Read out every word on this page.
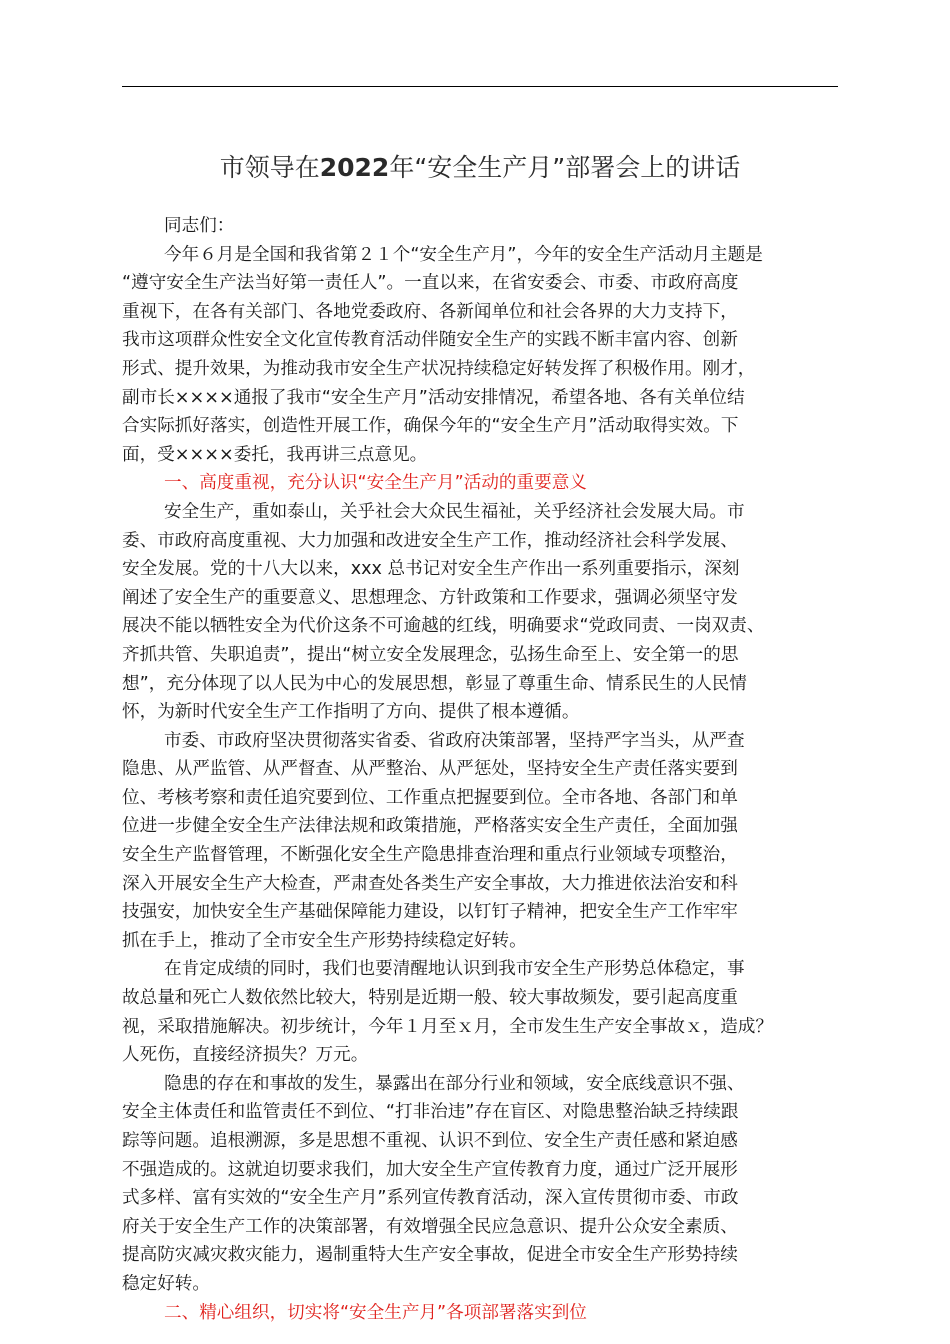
市领导在2022年“安全生产月”部署会上的讲话
同志们：
今年６月是全国和我省第２１个“安全生产月”，今年的安全生产活动月主题是
“遵守安全生产法当好第一责任人”。一直以来，在省安委会、市委、市政府高度
重视下，在各有关部门、各地党委政府、各新闻单位和社会各界的大力支持下，
我市这项群众性安全文化宣传教育活动伴随安全生产的实践不断丰富内容、创新
形式、提升效果，为推动我市安全生产状况持续稳定好转发挥了积极作用。刚才，
副市长××××通报了我市“安全生产月”活动安排情况，希望各地、各有关单位结
合实际抓好落实，创造性开展工作，确保今年的“安全生产月”活动取得实效。下
面，受××××委托，我再讲三点意见。
一、高度重视，充分认识“安全生产月”活动的重要意义
安全生产，重如泰山，关乎社会大众民生福祉，关乎经济社会发展大局。市
委、市政府高度重视、大力加强和改进安全生产工作，推动经济社会科学发展、
安全发展。党的十八大以来，xxx 总书记对安全生产作出一系列重要指示，深刻
阐述了安全生产的重要意义、思想理念、方针政策和工作要求，强调必须坚守发
展决不能以牺牲安全为代价这条不可逾越的红线，明确要求“党政同责、一岗双责、
齐抓共管、失职追责”，提出“树立安全发展理念，弘扬生命至上、安全第一的思
想”，充分体现了以人民为中心的发展思想，彰显了尊重生命、情系民生的人民情
怀，为新时代安全生产工作指明了方向、提供了根本遵循。
市委、市政府坚决贯彻落实省委、省政府决策部署，坚持严字当头，从严查
隐患、从严监管、从严督查、从严整治、从严惩处，坚持安全生产责任落实要到
位、考核考察和责任追究要到位、工作重点把握要到位。全市各地、各部门和单
位进一步健全安全生产法律法规和政策措施，严格落实安全生产责任，全面加强
安全生产监督管理，不断强化安全生产隐患排查治理和重点行业领域专项整治，
深入开展安全生产大检查，严肃查处各类生产安全事故，大力推进依法治安和科
技强安，加快安全生产基础保障能力建设，以钉钉子精神，把安全生产工作牢牢
抓在手上，推动了全市安全生产形势持续稳定好转。
在肯定成绩的同时，我们也要清醒地认识到我市安全生产形势总体稳定，事
故总量和死亡人数依然比较大，特别是近期一般、较大事故频发，要引起高度重
视，采取措施解决。初步统计，今年１月至ｘ月，全市发生生产安全事故ｘ，造成？
人死伤，直接经济损失？万元。
隐患的存在和事故的发生，暴露出在部分行业和领域，安全底线意识不强、
安全主体责任和监管责任不到位、“打非治违”存在盲区、对隐患整治缺乏持续跟
踪等问题。追根溯源，多是思想不重视、认识不到位、安全生产责任感和紧迫感
不强造成的。这就迫切要求我们，加大安全生产宣传教育力度，通过广泛开展形
式多样、富有实效的“安全生产月”系列宣传教育活动，深入宣传贯彻市委、市政
府关于安全生产工作的决策部署，有效增强全民应急意识、提升公众安全素质、
提高防灾减灾救灾能力，遏制重特大生产安全事故，促进全市安全生产形势持续
稳定好转。
二、精心组织，切实将“安全生产月”各项部署落实到位
